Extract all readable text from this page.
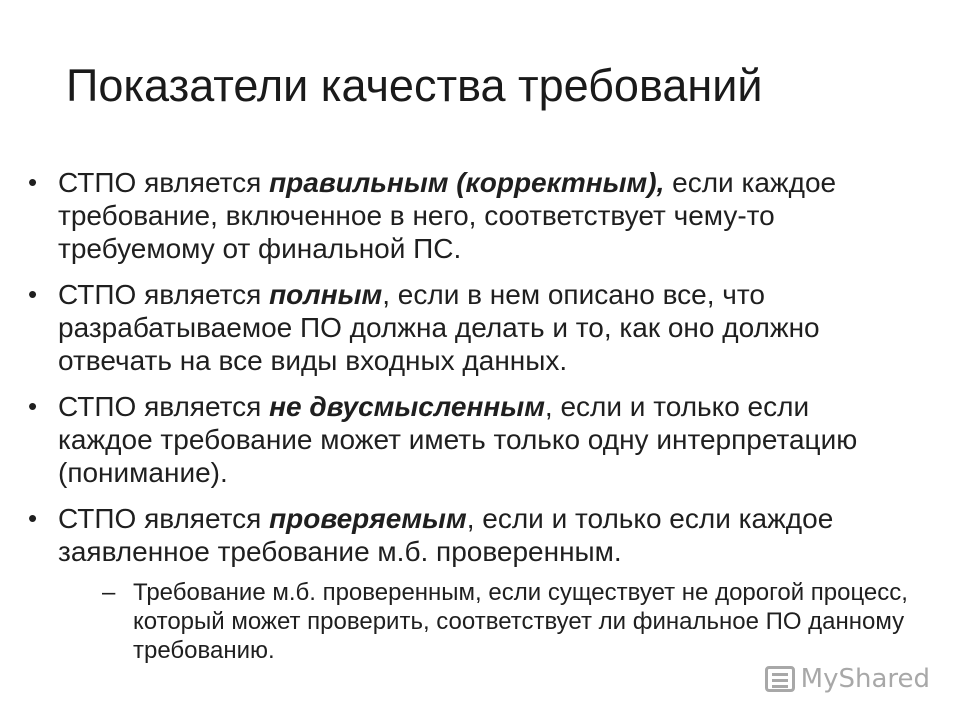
Показатели качества требований
• СТПО является правильным (корректным), если каждое требование, включенное в него, соответствует чему-то требуемому от финальной ПС.
• СТПО является полным, если в нем описано все, что разрабатываемое ПО должна делать и то, как оно должно отвечать на все виды входных данных.
• СТПО является не двусмысленным, если и только если каждое требование может иметь только одну интерпретацию (понимание).
• СТПО является проверяемым, если и только если каждое заявленное требование м.б. проверенным.
– Требование м.б. проверенным, если существует не дорогой процесс, который может проверить, соответствует ли финальное ПО данному требованию.
MyShared
